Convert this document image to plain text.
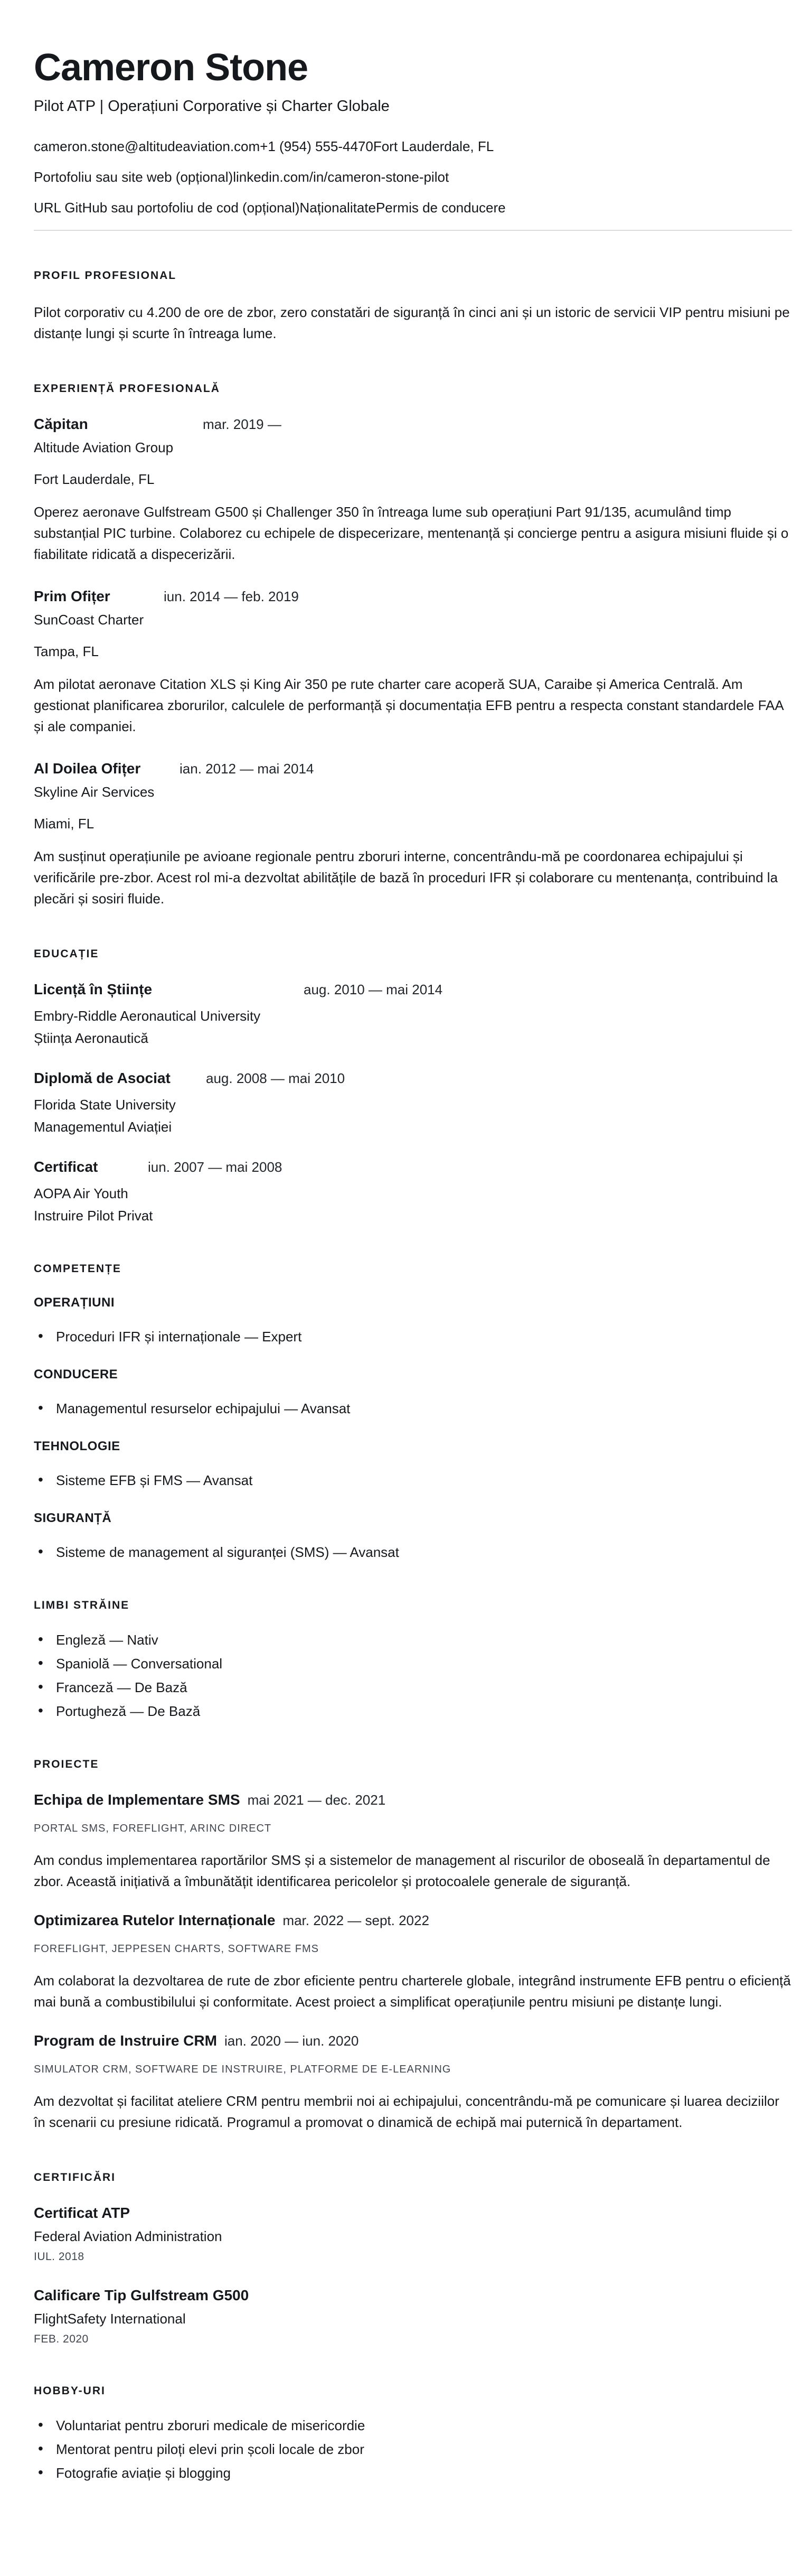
Cameron Stone
Pilot ATP | Operațiuni Corporative și Charter Globale
cameron.stone@altitudeaviation.com+1 (954) 555-4470Fort Lauderdale, FL
Portofoliu sau site web (opțional)linkedin.com/in/cameron-stone-pilot
URL GitHub sau portofoliu de cod (opțional)NaționalitatePermis de conducere
PROFIL PROFESIONAL

Pilot corporativ cu 4.200 de ore de zbor, zero constatări de siguranță în cinci ani și un istoric de servicii VIP pentru misiuni pe distanțe lungi și scurte în întreaga lume.

EXPERIENȚĂ PROFESIONALĂ
Căpitan	mar. 2019 —
Altitude Aviation Group
Fort Lauderdale, FL

Operez aeronave Gulfstream G500 și Challenger 350 în întreaga lume sub operațiuni Part 91/135, acumulând timp substanțial PIC turbine. Colaborez cu echipele de dispecerizare, mentenanță și concierge pentru a asigura misiuni fluide și o fiabilitate ridicată a dispecerizării.

Prim Ofițer	iun. 2014 — feb. 2019
SunCoast Charter
Tampa, FL

Am pilotat aeronave Citation XLS și King Air 350 pe rute charter care acoperă SUA, Caraibe și America Centrală. Am gestionat planificarea zborurilor, calculele de performanță și documentația EFB pentru a respecta constant standardele FAA și ale companiei.

Al Doilea Ofițer	ian. 2012 — mai 2014
Skyline Air Services
Miami, FL

Am susținut operațiunile pe avioane regionale pentru zboruri interne, concentrându-mă pe coordonarea echipajului și verificările pre-zbor. Acest rol mi-a dezvoltat abilitățile de bază în proceduri IFR și colaborare cu mentenanța, contribuind la plecări și sosiri fluide.

EDUCAȚIE
Licență în Științe	aug. 2010 — mai 2014
Embry-Riddle Aeronautical University
Știința Aeronautică
Diplomă de Asociat	aug. 2008 — mai 2010
Florida State University
Managementul Aviației
Certificat	iun. 2007 — mai 2008
AOPA Air Youth
Instruire Pilot Privat
COMPETENȚE
OPERAȚIUNI
• Proceduri IFR și internaționale — Expert
CONDUCERE
• Managementul resurselor echipajului — Avansat
TEHNOLOGIE
• Sisteme EFB și FMS — Avansat
SIGURANȚĂ
• Sisteme de management al siguranței (SMS) — Avansat
LIMBI STRĂINE
• Engleză — Nativ
• Spaniolă — Conversational
• Franceză — De Bază
• Portugheză — De Bază
PROIECTE
Echipa de Implementare SMS mai 2021 — dec. 2021
PORTAL SMS, FOREFLIGHT, ARINC DIRECT

Am condus implementarea raportărilor SMS și a sistemelor de management al riscurilor de oboseală în departamentul de zbor. Această inițiativă a îmbunătățit identificarea pericolelor și protocoalele generale de siguranță.

Optimizarea Rutelor Internaționale mar. 2022 — sept. 2022
FOREFLIGHT, JEPPESEN CHARTS, SOFTWARE FMS

Am colaborat la dezvoltarea de rute de zbor eficiente pentru charterele globale, integrând instrumente EFB pentru o eficiență mai bună a combustibilului și conformitate. Acest proiect a simplificat operațiunile pentru misiuni pe distanțe lungi.

Program de Instruire CRM ian. 2020 — iun. 2020
SIMULATOR CRM, SOFTWARE DE INSTRUIRE, PLATFORME DE E-LEARNING

Am dezvoltat și facilitat ateliere CRM pentru membrii noi ai echipajului, concentrându-mă pe comunicare și luarea deciziilor în scenarii cu presiune ridicată. Programul a promovat o dinamică de echipă mai puternică în departament.

CERTIFICĂRI
Certificat ATP
Federal Aviation Administration
IUL. 2018
Calificare Tip Gulfstream G500
FlightSafety International
FEB. 2020
HOBBY-URI
• Voluntariat pentru zboruri medicale de misericordie
• Mentorat pentru piloți elevi prin școli locale de zbor
• Fotografie aviație și blogging
